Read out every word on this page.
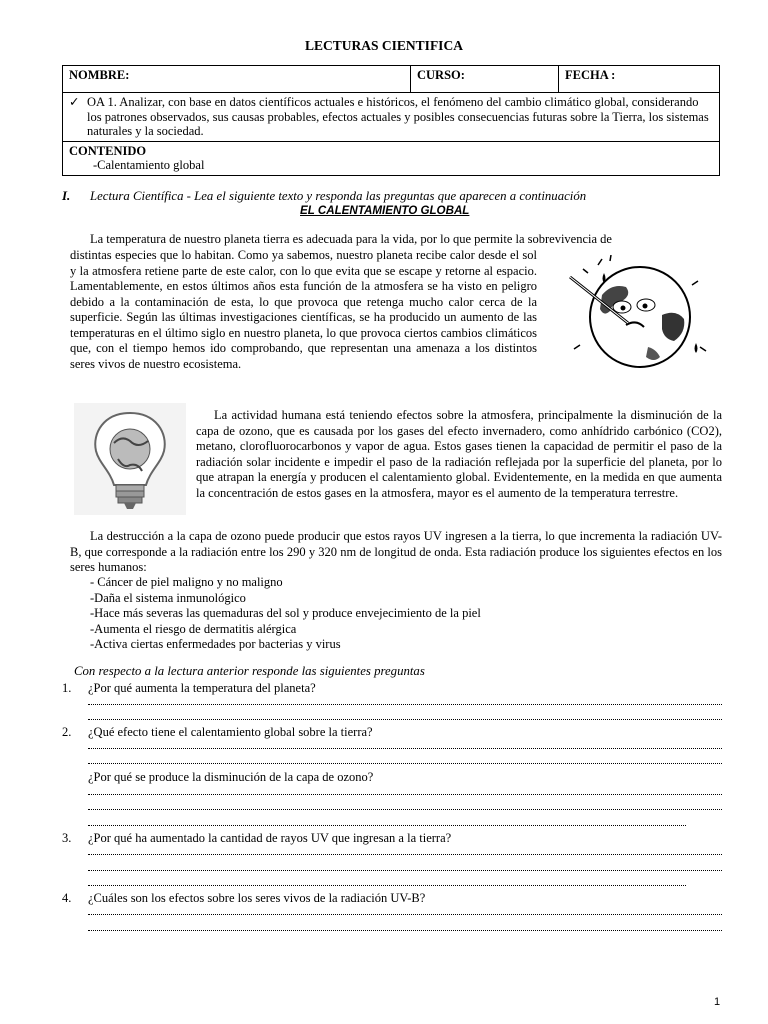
LECTURAS CIENTIFICA
NOMBRE:	CURSO:	FECHA :

✓ OA 1. Analizar, con base en datos científicos actuales e históricos, el fenómeno del cambio climático global, considerando los patrones observados, sus causas probables, efectos actuales y posibles consecuencias futuras sobre la Tierra, los sistemas naturales y la sociedad.

CONTENIDO
-Calentamiento global
I. Lectura Científica - Lea el siguiente texto y responda las preguntas que aparecen a continuación
EL CALENTAMIENTO GLOBAL
La temperatura de nuestro planeta tierra es adecuada para la vida, por lo que permite la sobrevivencia de
distintas especies que lo habitan. Como ya sabemos, nuestro planeta recibe calor desde el sol y la atmosfera retiene parte de este calor, con lo que evita que se escape y retorne al espacio. Lamentablemente, en estos últimos años esta función de la atmosfera se ha visto en peligro debido a la contaminación de esta, lo que provoca que retenga mucho calor cerca de la superficie. Según las últimas investigaciones científicas, se ha producido un aumento de las temperaturas en el último siglo en nuestro planeta, lo que provoca ciertos cambios climáticos que, con el tiempo hemos ido comprobando, que representan una amenaza a los distintos seres vivos de nuestro ecosistema.
La actividad humana está teniendo efectos sobre la atmosfera, principalmente la disminución de la capa de ozono, que es causada por los gases del efecto invernadero, como anhídrido carbónico (CO2), metano, clorofluorocarbonos y vapor de agua. Estos gases tienen la capacidad de permitir el paso de la radiación solar incidente e impedir el paso de la radiación reflejada por la superficie del planeta, por lo que atrapan la energía y producen el calentamiento global. Evidentemente, en la medida en que aumenta la concentración de estos gases en la atmosfera, mayor es el aumento de la temperatura terrestre.
La destrucción a la capa de ozono puede producir que estos rayos UV ingresen a la tierra, lo que incrementa la radiación UV-B, que corresponde a la radiación entre los 290 y 320 nm de longitud de onda. Esta radiación produce los siguientes efectos en los seres humanos:
- Cáncer de piel maligno y no maligno
-Daña el sistema inmunológico
-Hace más severas las quemaduras del sol y produce envejecimiento de la piel
-Aumenta el riesgo de dermatitis alérgica
-Activa ciertas enfermedades por bacterias y virus
Con respecto a la lectura anterior responde las siguientes preguntas
1. ¿Por qué aumenta la temperatura del planeta?
2. ¿Qué efecto tiene el calentamiento global sobre la tierra?
¿Por qué se produce la disminución de la capa de ozono?
3. ¿Por qué ha aumentado la cantidad de rayos UV que ingresan a la tierra?
4. ¿Cuáles son los efectos sobre los seres vivos de la radiación UV-B?
1
